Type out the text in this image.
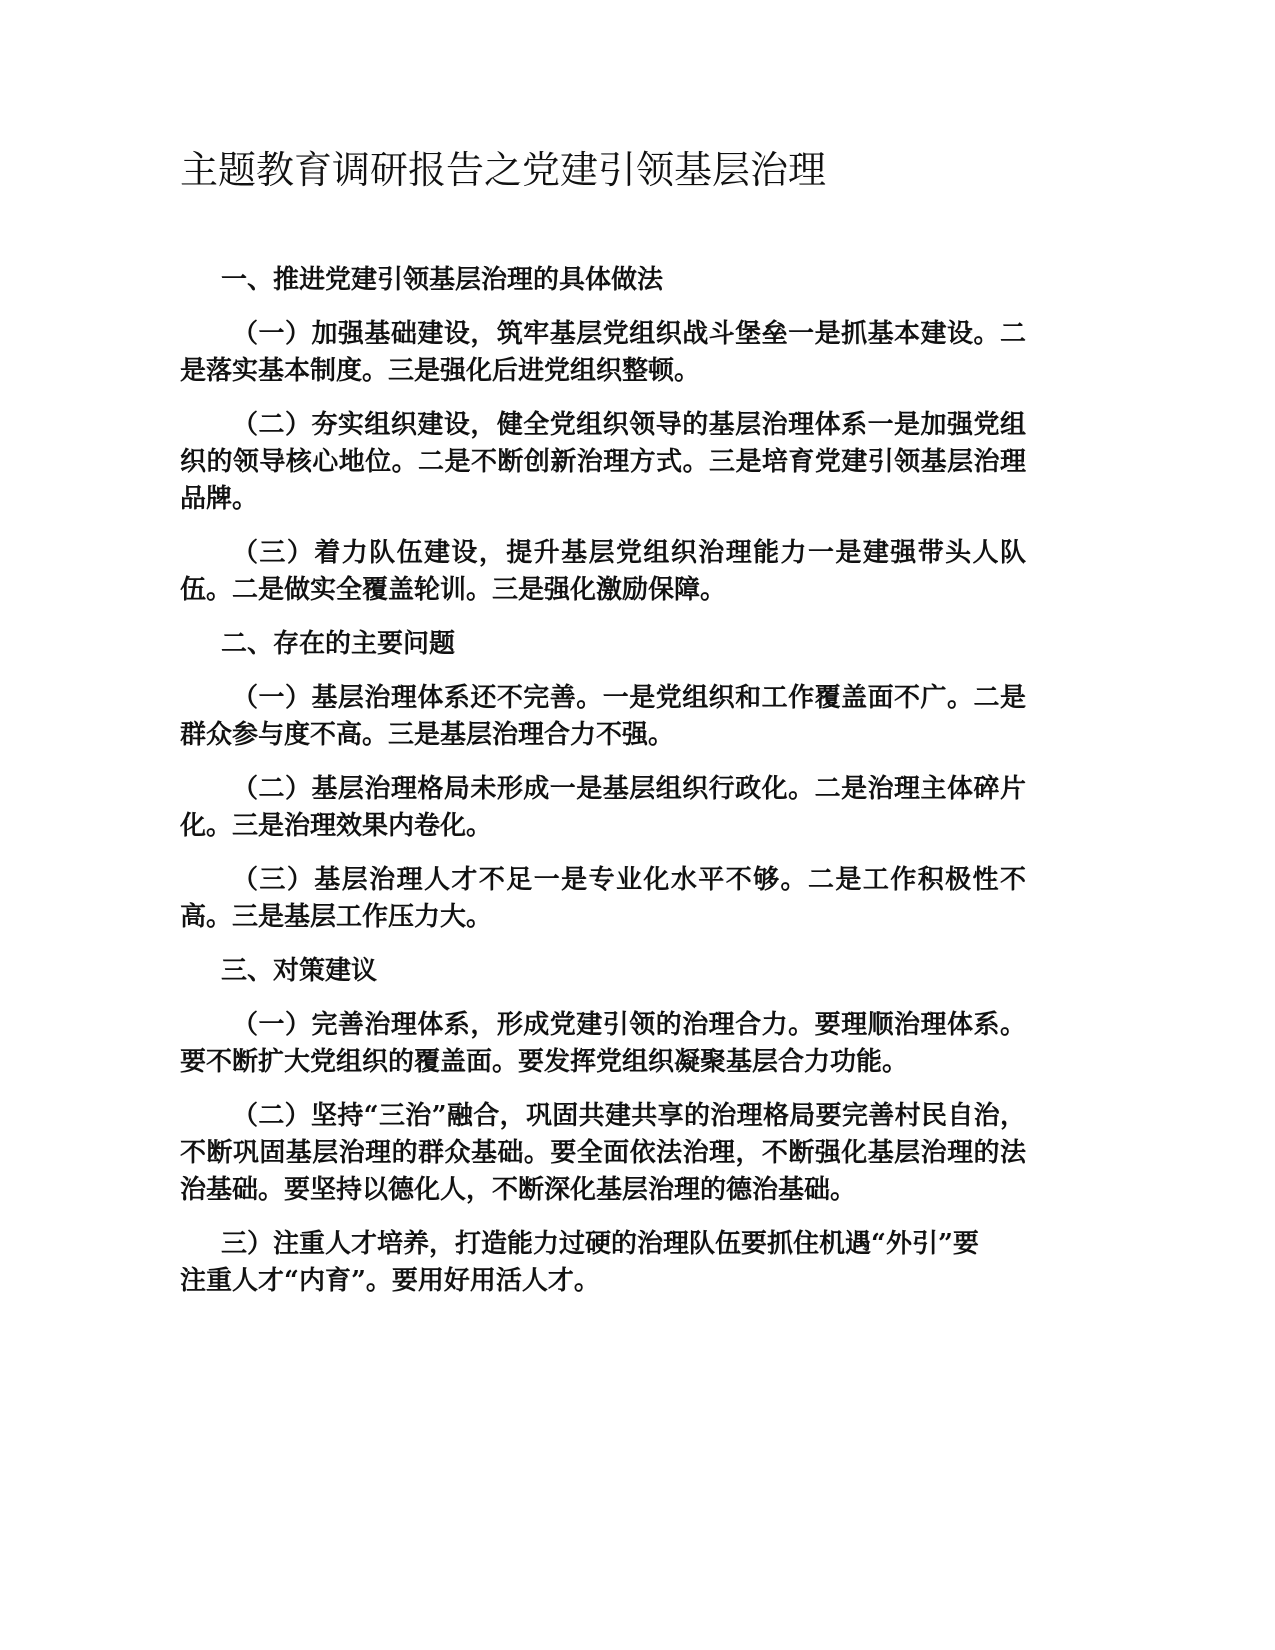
主题教育调研报告之党建引领基层治理
一、推进党建引领基层治理的具体做法

（一）加强基础建设，筑牢基层党组织战斗堡垒一是抓基本建设。二是落实基本制度。三是强化后进党组织整顿。

（二）夯实组织建设，健全党组织领导的基层治理体系一是加强党组织的领导核心地位。二是不断创新治理方式。三是培育党建引领基层治理品牌。

（三）着力队伍建设，提升基层党组织治理能力一是建强带头人队伍。二是做实全覆盖轮训。三是强化激励保障。

二、存在的主要问题

（一）基层治理体系还不完善。一是党组织和工作覆盖面不广。二是群众参与度不高。三是基层治理合力不强。

（二）基层治理格局未形成一是基层组织行政化。二是治理主体碎片化。三是治理效果内卷化。

（三）基层治理人才不足一是专业化水平不够。二是工作积极性不高。三是基层工作压力大。

三、对策建议

（一）完善治理体系，形成党建引领的治理合力。要理顺治理体系。要不断扩大党组织的覆盖面。要发挥党组织凝聚基层合力功能。

（二）坚持“三治”融合，巩固共建共享的治理格局要完善村民自治，不断巩固基层治理的群众基础。要全面依法治理，不断强化基层治理的法治基础。要坚持以德化人，不断深化基层治理的德治基础。

三）注重人才培养，打造能力过硬的治理队伍要抓住机遇“外引”要注重人才“内育”。要用好用活人才。
